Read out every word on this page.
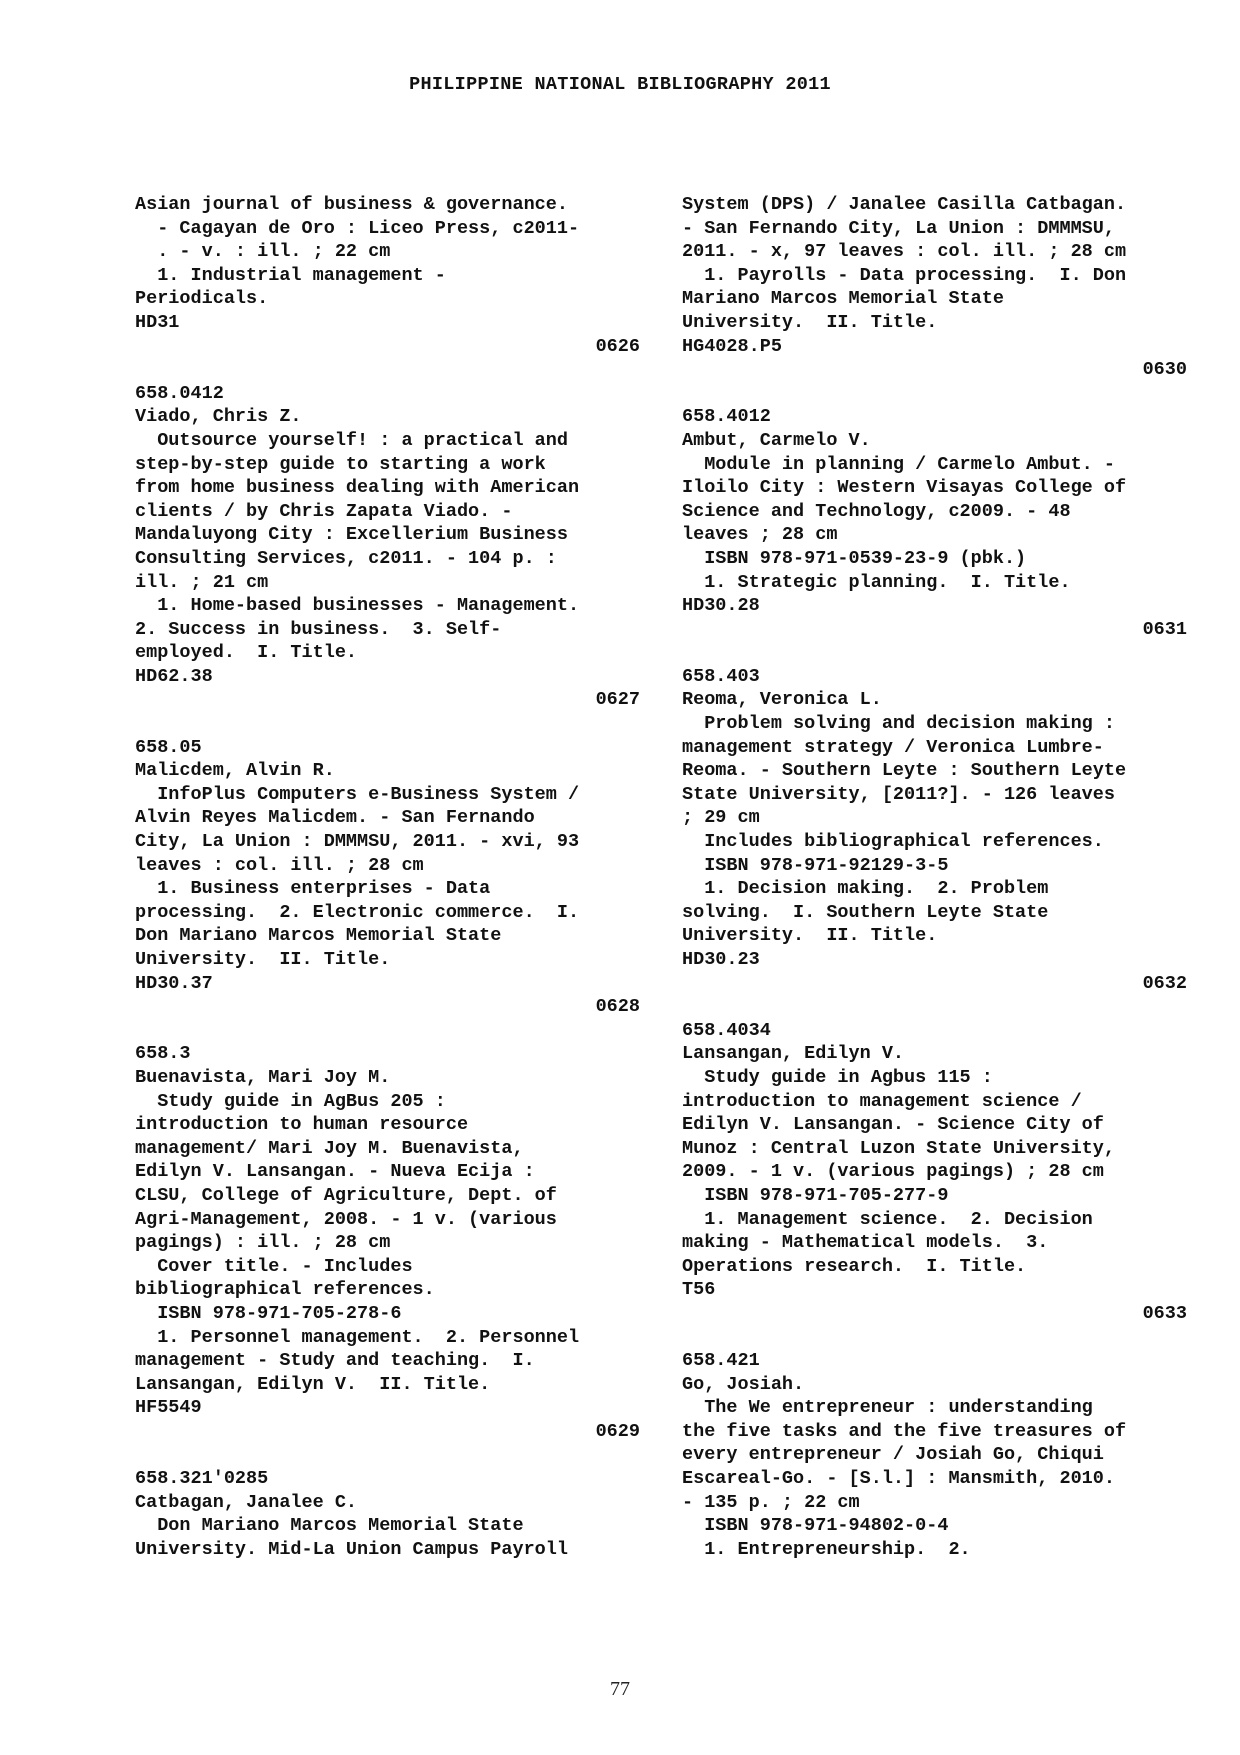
PHILIPPINE NATIONAL BIBLIOGRAPHY 2011
Asian journal of business & governance.
- Cagayan de Oro : Liceo Press, c2011-
. - v. : ill. ; 22 cm
1. Industrial management -
Periodicals.
HD31
0626
658.0412
Viado, Chris Z.
Outsource yourself! : a practical and
step-by-step guide to starting a work
from home business dealing with American
clients / by Chris Zapata Viado. -
Mandaluyong City : Excellerium Business
Consulting Services, c2011. - 104 p. :
ill. ; 21 cm
1. Home-based businesses - Management.
2. Success in business.  3. Self-
employed.  I. Title.
HD62.38
0627
658.05
Malicdem, Alvin R.
InfoPlus Computers e-Business System /
Alvin Reyes Malicdem. - San Fernando
City, La Union : DMMMSU, 2011. - xvi, 93
leaves : col. ill. ; 28 cm
1. Business enterprises - Data
processing.  2. Electronic commerce.  I.
Don Mariano Marcos Memorial State
University.  II. Title.
HD30.37
0628
658.3
Buenavista, Mari Joy M.
Study guide in AgBus 205 :
introduction to human resource
management/ Mari Joy M. Buenavista,
Edilyn V. Lansangan. - Nueva Ecija :
CLSU, College of Agriculture, Dept. of
Agri-Management, 2008. - 1 v. (various
pagings) : ill. ; 28 cm
Cover title. - Includes
bibliographical references.
ISBN 978-971-705-278-6
1. Personnel management.  2. Personnel
management - Study and teaching.  I.
Lansangan, Edilyn V.  II. Title.
HF5549
0629
658.321'0285
Catbagan, Janalee C.
Don Mariano Marcos Memorial State
University. Mid-La Union Campus Payroll
System (DPS) / Janalee Casilla Catbagan.
- San Fernando City, La Union : DMMMSU,
2011. - x, 97 leaves : col. ill. ; 28 cm
1. Payrolls - Data processing.  I. Don
Mariano Marcos Memorial State
University.  II. Title.
HG4028.P5
0630
658.4012
Ambut, Carmelo V.
Module in planning / Carmelo Ambut. -
Iloilo City : Western Visayas College of
Science and Technology, c2009. - 48
leaves ; 28 cm
ISBN 978-971-0539-23-9 (pbk.)
1. Strategic planning.  I. Title.
HD30.28
0631
658.403
Reoma, Veronica L.
Problem solving and decision making :
management strategy / Veronica Lumbre-
Reoma. - Southern Leyte : Southern Leyte
State University, [2011?]. - 126 leaves
; 29 cm
Includes bibliographical references.
ISBN 978-971-92129-3-5
1. Decision making.  2. Problem
solving.  I. Southern Leyte State
University.  II. Title.
HD30.23
0632
658.4034
Lansangan, Edilyn V.
Study guide in Agbus 115 :
introduction to management science /
Edilyn V. Lansangan. - Science City of
Munoz : Central Luzon State University,
2009. - 1 v. (various pagings) ; 28 cm
ISBN 978-971-705-277-9
1. Management science.  2. Decision
making - Mathematical models.  3.
Operations research.  I. Title.
T56
0633
658.421
Go, Josiah.
The We entrepreneur : understanding
the five tasks and the five treasures of
every entrepreneur / Josiah Go, Chiqui
Escareal-Go. - [S.l.] : Mansmith, 2010.
- 135 p. ; 22 cm
ISBN 978-971-94802-0-4
1. Entrepreneurship.  2.
77
